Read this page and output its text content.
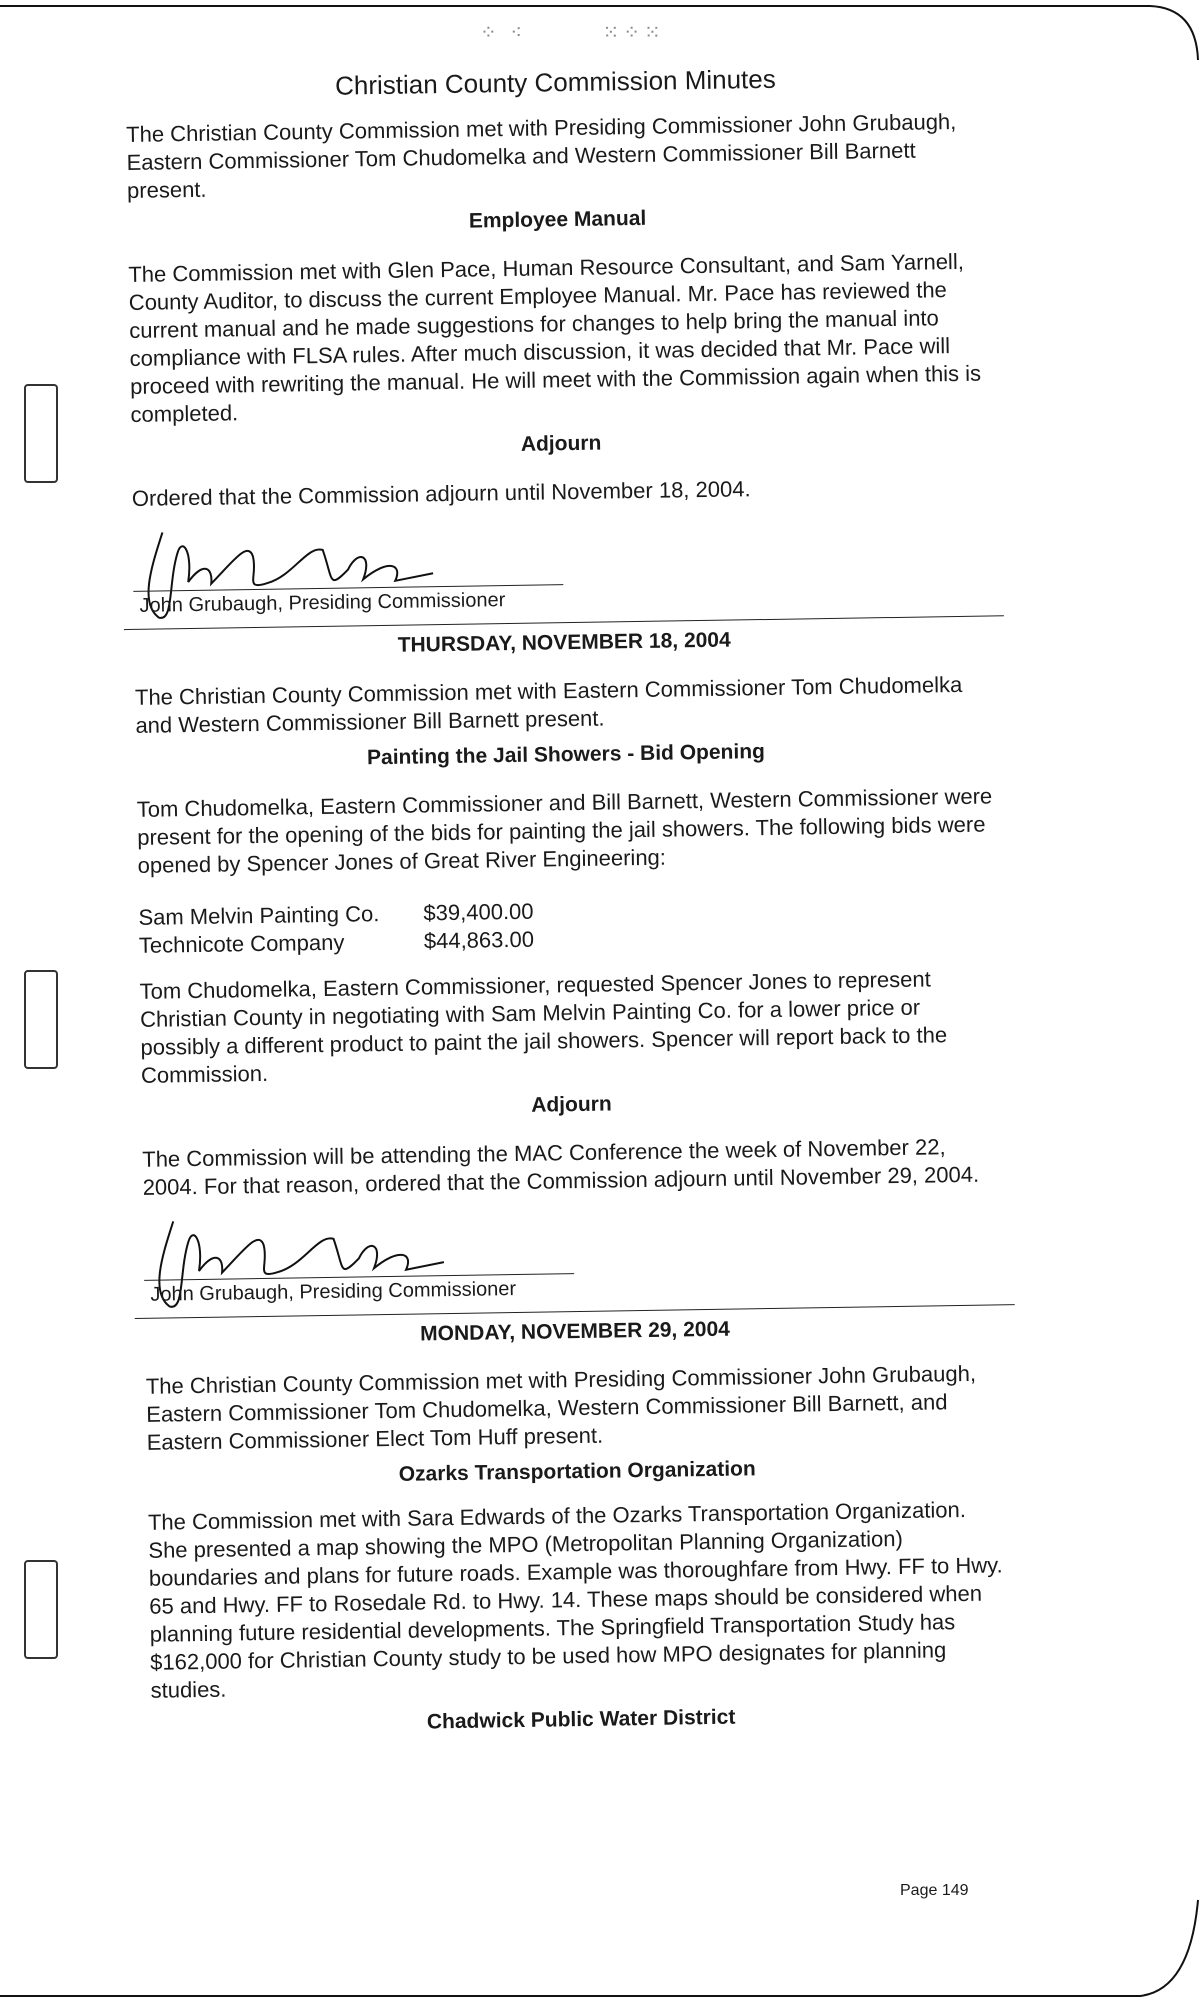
⁘ ⁖        ⁙⁘⁙
Christian County Commission Minutes

The Christian County Commission met with Presiding Commissioner John Grubaugh, Eastern Commissioner Tom Chudomelka and Western Commissioner Bill Barnett present.

Employee Manual

The Commission met with Glen Pace, Human Resource Consultant, and Sam Yarnell, County Auditor, to discuss the current Employee Manual. Mr. Pace has reviewed the current manual and he made suggestions for changes to help bring the manual into compliance with FLSA rules. After much discussion, it was decided that Mr. Pace will proceed with rewriting the manual. He will meet with the Commission again when this is completed.

Adjourn

Ordered that the Commission adjourn until November 18, 2004.

John Grubaugh, Presiding Commissioner
THURSDAY, NOVEMBER 18, 2004

The Christian County Commission met with Eastern Commissioner Tom Chudomelka and Western Commissioner Bill Barnett present.

Painting the Jail Showers - Bid Opening

Tom Chudomelka, Eastern Commissioner and Bill Barnett, Western Commissioner were present for the opening of the bids for painting the jail showers. The following bids were opened by Spencer Jones of Great River Engineering:

Sam Melvin Painting Co.	$39,400.00
Technicote Company	$44,863.00

Tom Chudomelka, Eastern Commissioner, requested Spencer Jones to represent Christian County in negotiating with Sam Melvin Painting Co. for a lower price or possibly a different product to paint the jail showers. Spencer will report back to the Commission.

Adjourn

The Commission will be attending the MAC Conference the week of November 22, 2004. For that reason, ordered that the Commission adjourn until November 29, 2004.

John Grubaugh, Presiding Commissioner
MONDAY, NOVEMBER 29, 2004

The Christian County Commission met with Presiding Commissioner John Grubaugh, Eastern Commissioner Tom Chudomelka, Western Commissioner Bill Barnett, and Eastern Commissioner Elect Tom Huff present.

Ozarks Transportation Organization

The Commission met with Sara Edwards of the Ozarks Transportation Organization. She presented a map showing the MPO (Metropolitan Planning Organization) boundaries and plans for future roads. Example was thoroughfare from Hwy. FF to Hwy. 65 and Hwy. FF to Rosedale Rd. to Hwy. 14. These maps should be considered when planning future residential developments. The Springfield Transportation Study has $162,000 for Christian County study to be used how MPO designates for planning studies.

Chadwick Public Water District
Page 149
